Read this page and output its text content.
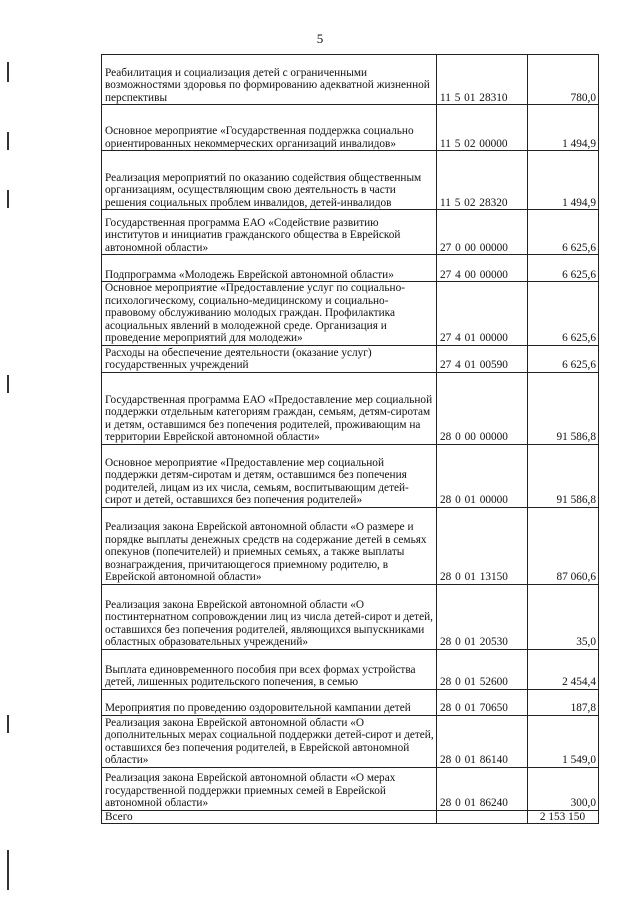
5
Реабилитация и социализация детей с ограниченными возможностями здоровья по формированию адекватной жизненной перспективы	11 5 01 28310	780,0
Основное мероприятие «Государственная поддержка социально ориентированных некоммерческих организаций инвалидов»	11 5 02 00000	1 494,9
Реализация мероприятий по оказанию содействия общественным организациям, осуществляющим свою деятельность в части решения социальных проблем инвалидов, детей-инвалидов	11 5 02 28320	1 494,9
Государственная программа ЕАО «Содействие развитию институтов и инициатив гражданского общества в Еврейской автономной области»	27 0 00 00000	6 625,6
Подпрограмма «Молодежь Еврейской автономной области»	27 4 00 00000	6 625,6
Основное мероприятие «Предоставление услуг по социально-психологическому, социально-медицинскому и социально-правовому обслуживанию молодых граждан. Профилактика асоциальных явлений в молодежной среде. Организация и проведение мероприятий для молодежи»	27 4 01 00000	6 625,6
Расходы на обеспечение деятельности (оказание услуг) государственных учреждений	27 4 01 00590	6 625,6
Государственная программа ЕАО «Предоставление мер социальной поддержки отдельным категориям граждан, семьям, детям-сиротам и детям, оставшимся без попечения родителей, проживающим на территории Еврейской автономной области»	28 0 00 00000	91 586,8
Основное мероприятие «Предоставление мер социальной поддержки детям-сиротам и детям, оставшимся без попечения родителей, лицам из их числа, семьям, воспитывающим детей-сирот и детей, оставшихся без попечения родителей»	28 0 01 00000	91 586,8
Реализация закона Еврейской автономной области «О размере и порядке выплаты денежных средств на содержание детей в семьях опекунов (попечителей) и приемных семьях, а также выплаты вознаграждения, причитающегося приемному родителю, в Еврейской автономной области»	28 0 01 13150	87 060,6
Реализация закона Еврейской автономной области «О постинтернатном сопровождении лиц из числа детей-сирот и детей, оставшихся без попечения родителей, являющихся выпускниками областных образовательных учреждений»	28 0 01 20530	35,0
Выплата единовременного пособия при всех формах устройства детей, лишенных родительского попечения, в семью	28 0 01 52600	2 454,4
Мероприятия по проведению оздоровительной кампании детей	28 0 01 70650	187,8
Реализация закона Еврейской автономной области «О дополнительных мерах социальной поддержки детей-сирот и детей, оставшихся без попечения родителей, в Еврейской автономной области»	28 0 01 86140	1 549,0
Реализация закона Еврейской автономной области «О мерах государственной поддержки приемных семей в Еврейской автономной области»	28 0 01 86240	300,0
Всего		2 153 150
